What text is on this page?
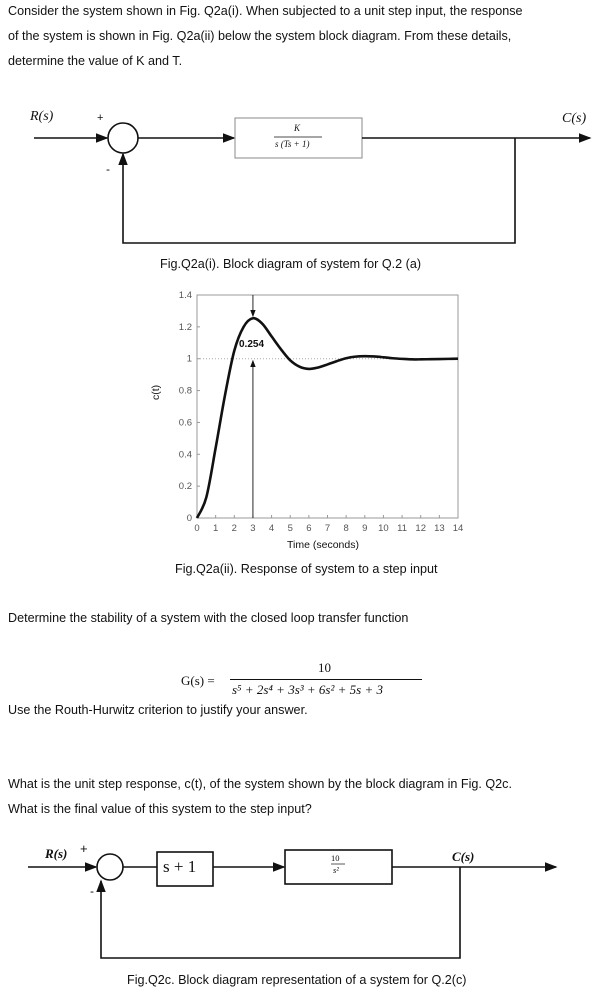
Consider the system shown in Fig. Q2a(i). When subjected to a unit step input, the response
of the system is shown in Fig. Q2a(ii) below the system block diagram. From these details,
determine the value of K and T.
R(s)	+
-
C(s)
K
s (Ts + 1)
Fig.Q2a(i). Block diagram of system for Q.2 (a)
0 1 2 3 4 5 6 7 8 9 10 11 12 13 14
0
0.2
0.4
0.6
0.8
1
1.2
1.4
Time (seconds)
c(t)
0.254
Fig.Q2a(ii). Response of system to a step input
Determine the stability of a system with the closed loop transfer function
G(s) =
10
s⁵ + 2s⁴ + 3s³ + 6s² + 5s + 3
Use the Routh-Hurwitz criterion to justify your answer.
What is the unit step response, c(t), of the system shown by the block diagram in Fig. Q2c.
What is the final value of this system to the step input?
R(s) +
-
s + 1	10
s²
C(s)
Fig.Q2c. Block diagram representation of a system for Q.2(c)
